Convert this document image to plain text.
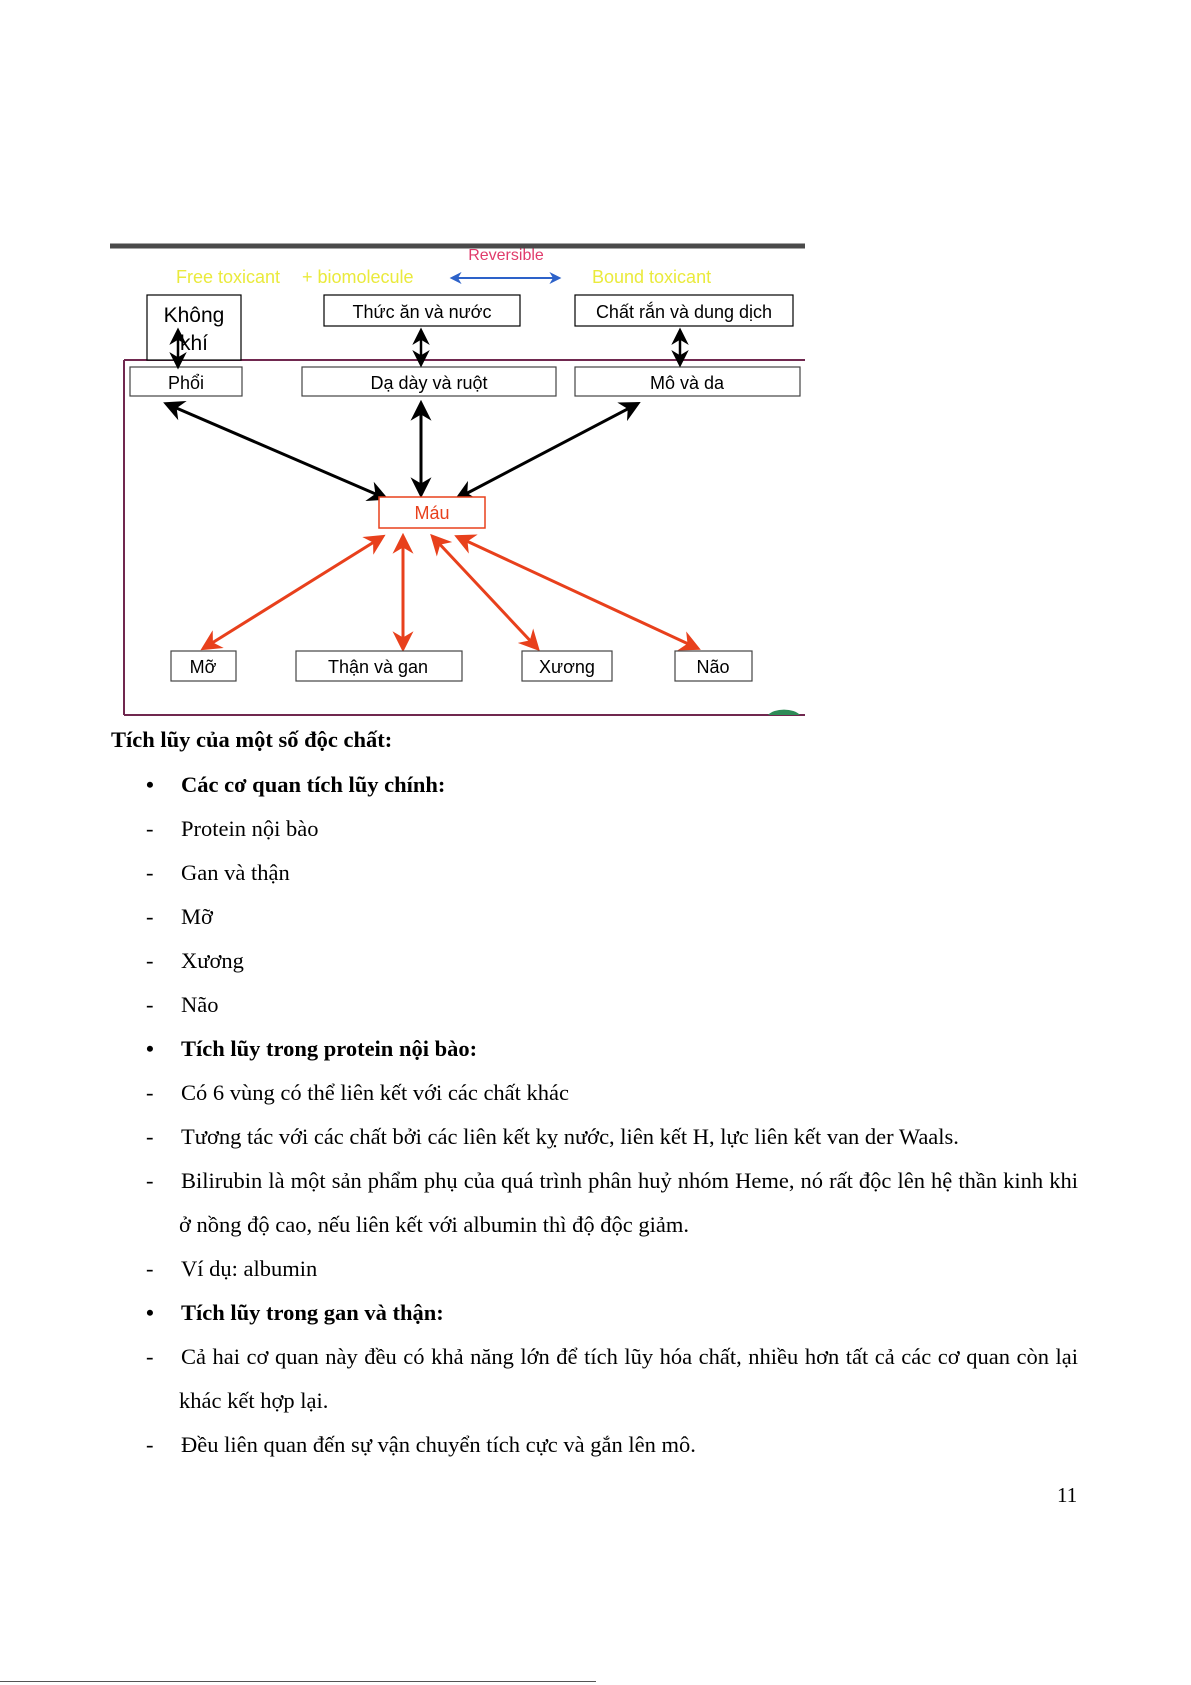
Reversible
Free toxicant + biomolecule	Bound toxicant
Không
khí
Thức ăn và nước	Chất rắn và dung dịch
Phổi	Dạ dày và ruột	Mô và da
Máu
Mỡ	Thận và gan	Xương	Não
Tích lũy của một số độc chất:
• Các cơ quan tích lũy chính:
- Protein nội bào
- Gan và thận
- Mỡ
- Xương
- Não
• Tích lũy trong protein nội bào:
- Có 6 vùng có thể liên kết với các chất khác
- Tương tác với các chất bởi các liên kết kỵ nước, liên kết H, lực liên kết van der Waals.
- Bilirubin là một sản phẩm phụ của quá trình phân huỷ nhóm Heme, nó rất độc lên hệ thần kinh khi ở nồng độ cao, nếu liên kết với albumin thì độ độc giảm.
- Ví dụ: albumin
• Tích lũy trong gan và thận:
- Cả hai cơ quan này đều có khả năng lớn để tích lũy hóa chất, nhiều hơn tất cả các cơ quan còn lại khác kết hợp lại.
- Đều liên quan đến sự vận chuyển tích cực và gắn lên mô.
11
